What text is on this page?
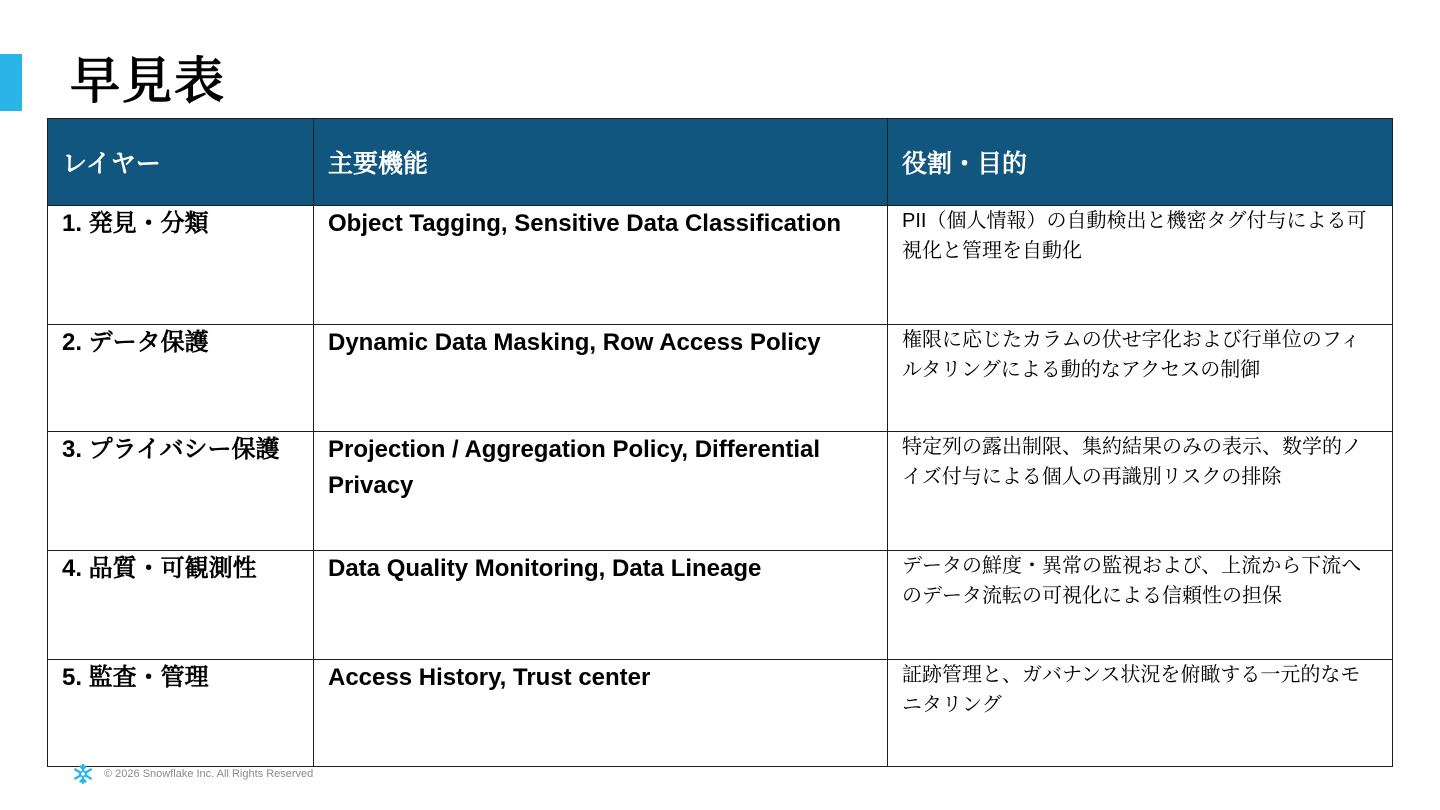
早見表
レイヤー	主要機能	役割・目的
1. 発見・分類	Object Tagging, Sensitive Data Classification	PII（個人情報）の自動検出と機密タグ付与による可視化と管理を自動化
2. データ保護	Dynamic Data Masking, Row Access Policy	権限に応じたカラムの伏せ字化および行単位のフィルタリングによる動的なアクセスの制御
3. プライバシー保護	Projection / Aggregation Policy, Differential Privacy	特定列の露出制限、集約結果のみの表示、数学的ノイズ付与による個人の再識別リスクの排除
4. 品質・可観測性	Data Quality Monitoring, Data Lineage	データの鮮度・異常の監視および、上流から下流へのデータ流転の可視化による信頼性の担保
5. 監査・管理	Access History, Trust center	証跡管理と、ガバナンス状況を俯瞰する一元的なモニタリング
© 2026 Snowflake Inc. All Rights Reserved
